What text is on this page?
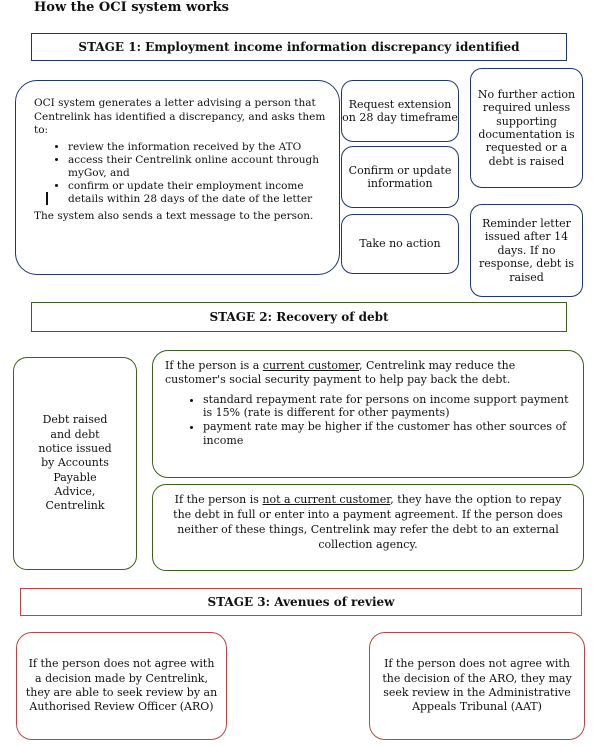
How the OCI system works
STAGE 1: Employment income information discrepancy identified
OCI system generates a letter advising a person that Centrelink has identified a discrepancy, and asks them to:
• review the information received by the ATO
• access their Centrelink online account through myGov, and
• confirm or update their employment income details within 28 days of the date of the letter
The system also sends a text message to the person.
Request extension on 28 day timeframe
Confirm or update information
Take no action
No further action required unless supporting documentation is requested or a debt is raised
Reminder letter issued after 14 days. If no response, debt is raised
STAGE 2: Recovery of debt
Debt raised and debt notice issued by Accounts Payable Advice, Centrelink
If the person is a current customer, Centrelink may reduce the customer's social security payment to help pay back the debt.
• standard repayment rate for persons on income support payment is 15% (rate is different for other payments)
• payment rate may be higher if the customer has other sources of income
If the person is not a current customer, they have the option to repay the debt in full or enter into a payment agreement. If the person does neither of these things, Centrelink may refer the debt to an external collection agency.
STAGE 3: Avenues of review
If the person does not agree with a decision made by Centrelink, they are able to seek review by an Authorised Review Officer (ARO)
If the person does not agree with the decision of the ARO, they may seek review in the Administrative Appeals Tribunal (AAT)
